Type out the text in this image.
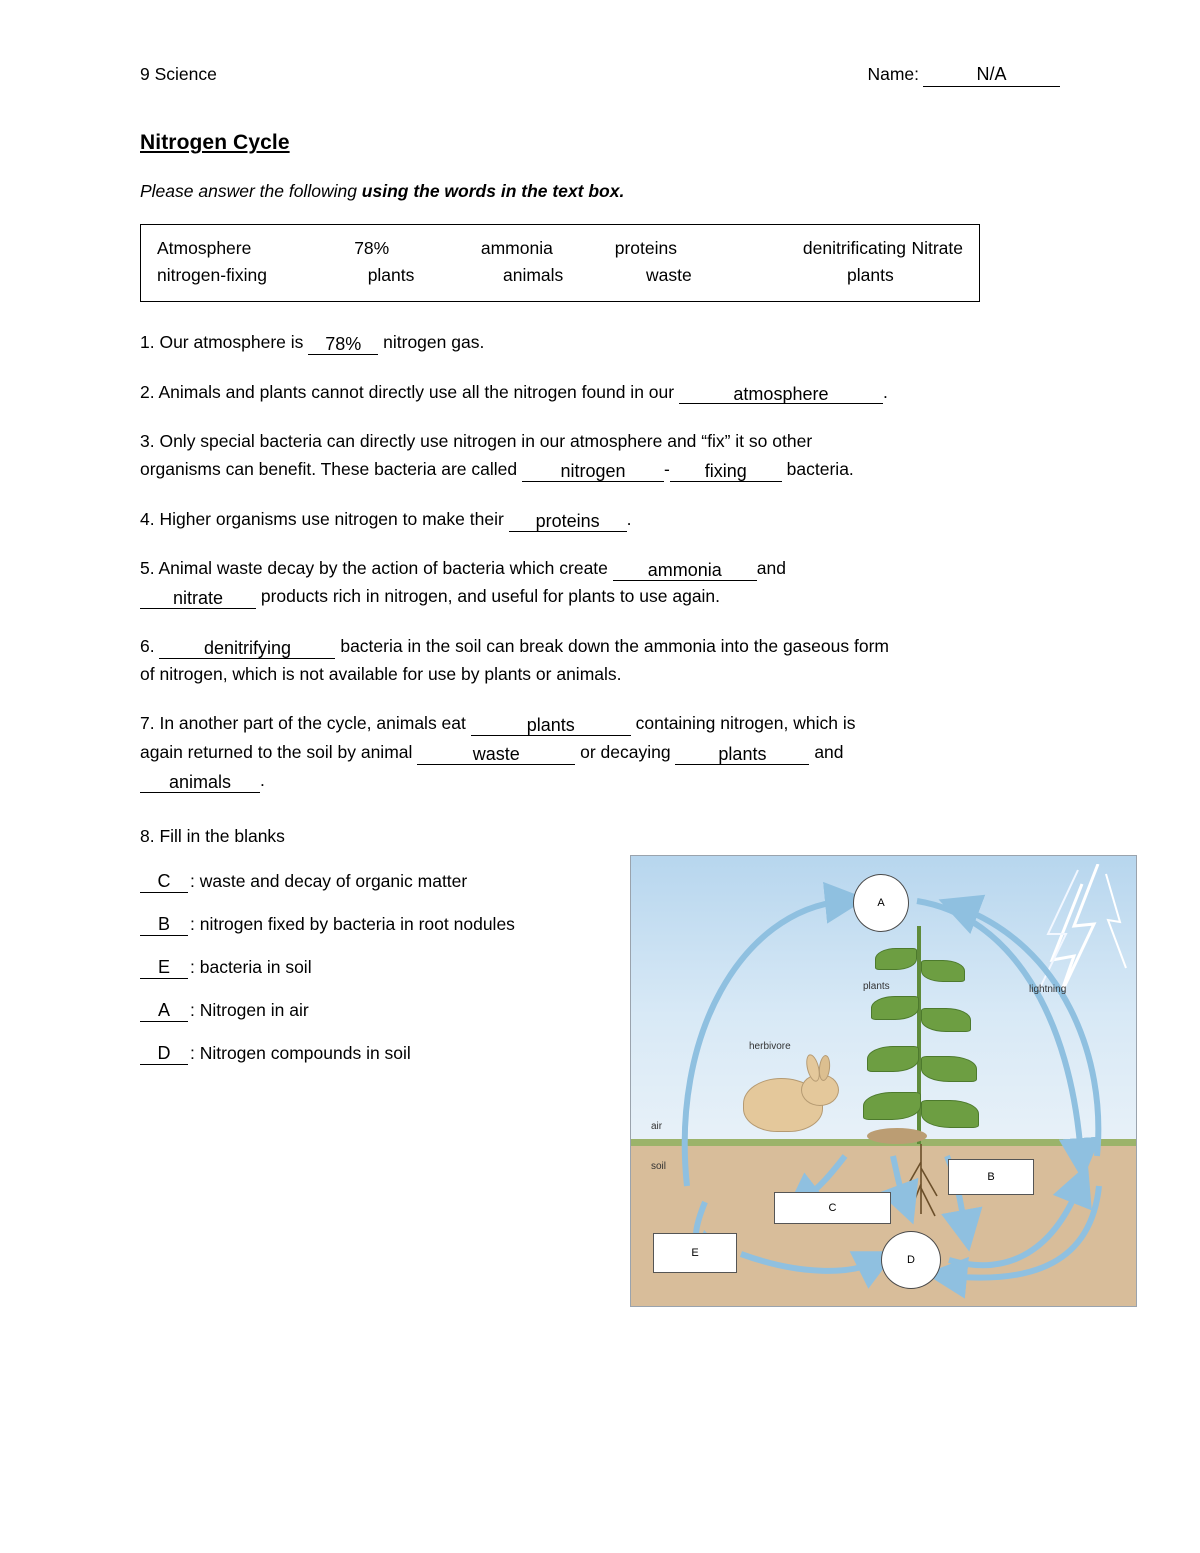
9 Science	Name:	N/A
Nitrogen Cycle

Please answer the following using the words in the text box.

Atmosphere	78%	ammonia	proteins	denitrificating Nitrate
nitrogen-fixing	plants	animals	waste	plants

1. Our atmosphere is 78% nitrogen gas.

2. Animals and plants cannot directly use all the nitrogen found in our	atmosphere	.

3. Only special bacteria can directly use nitrogen in our atmosphere and “fix” it so other
organisms can benefit. These bacteria are called nitrogen - fixing bacteria.

4. Higher organisms use nitrogen to make their proteins .

5. Animal waste decay by the action of bacteria which create ammonia and
nitrate products rich in nitrogen, and useful for plants to use again.

6. denitrifying	bacteria in the soil can break down the ammonia into the gaseous form
of nitrogen, which is not available for use by plants or animals.

7. In another part of the cycle, animals eat	plants	containing nitrogen, which is
again returned to the soil by animal	waste	or decaying plants and
animals .

8. Fill in the blanks

C	: waste and decay of organic matter
B	: nitrogen fixed by bacteria in root nodules
E	: bacteria in soil
A	: Nitrogen in air
D	: Nitrogen compounds in soil
A
D
B
C
E
plants	lightning
herbivore
air
soil
